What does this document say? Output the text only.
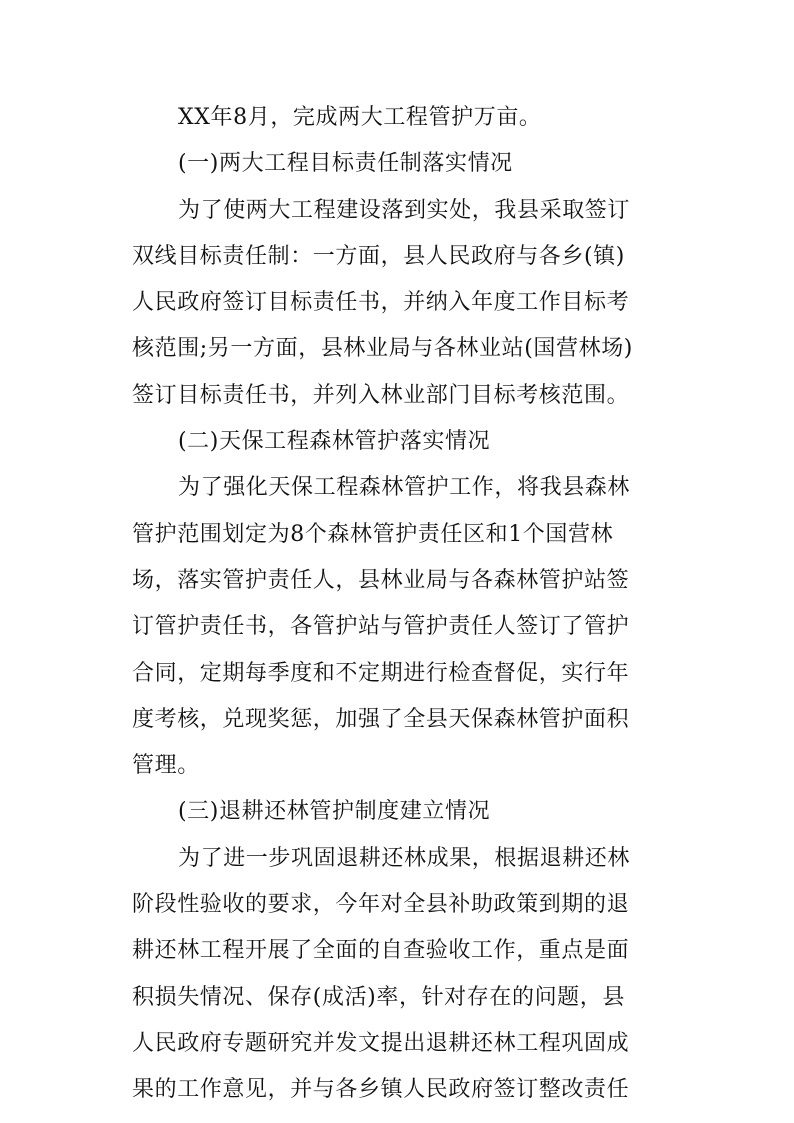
XX年8月，完成两大工程管护万亩。
(一)两大工程目标责任制落实情况
为了使两大工程建设落到实处，我县采取签订
双线目标责任制：一方面，县人民政府与各乡(镇)
人民政府签订目标责任书，并纳入年度工作目标考
核范围;另一方面，县林业局与各林业站(国营林场)
签订目标责任书，并列入林业部门目标考核范围。
(二)天保工程森林管护落实情况
为了强化天保工程森林管护工作，将我县森林
管护范围划定为8个森林管护责任区和1个国营林
场，落实管护责任人，县林业局与各森林管护站签
订管护责任书，各管护站与管护责任人签订了管护
合同，定期每季度和不定期进行检查督促，实行年
度考核，兑现奖惩，加强了全县天保森林管护面积
管理。
(三)退耕还林管护制度建立情况
为了进一步巩固退耕还林成果，根据退耕还林
阶段性验收的要求，今年对全县补助政策到期的退
耕还林工程开展了全面的自查验收工作，重点是面
积损失情况、保存(成活)率，针对存在的问题，县
人民政府专题研究并发文提出退耕还林工程巩固成
果的工作意见，并与各乡镇人民政府签订整改责任
